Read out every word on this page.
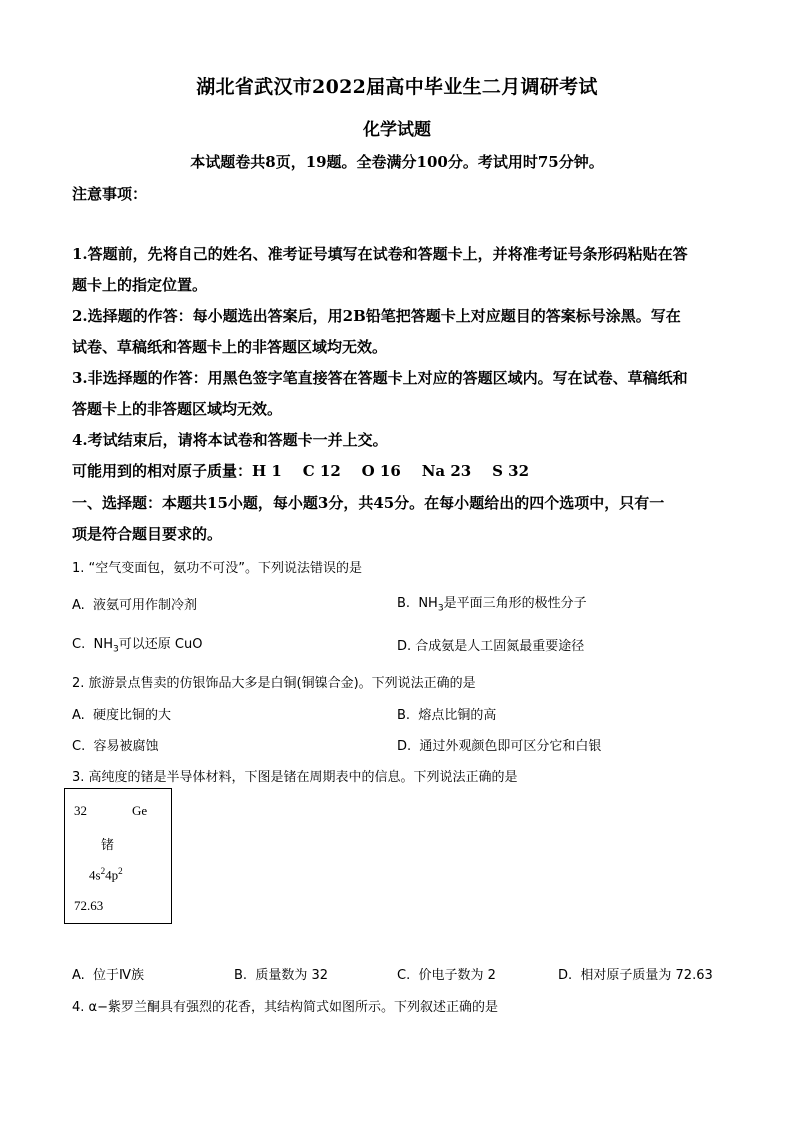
湖北省武汉市2022届高中毕业生二月调研考试
化学试题
本试题卷共8页，19题。全卷满分100分。考试用时75分钟。
注意事项：
1.答题前，先将自己的姓名、准考证号填写在试卷和答题卡上，并将准考证号条形码粘贴在答
题卡上的指定位置。
2.选择题的作答：每小题选出答案后，用2B铅笔把答题卡上对应题目的答案标号涂黑。写在
试卷、草稿纸和答题卡上的非答题区域均无效。
3.非选择题的作答：用黑色签字笔直接答在答题卡上对应的答题区域内。写在试卷、草稿纸和
答题卡上的非答题区域均无效。
4.考试结束后，请将本试卷和答题卡一并上交。
可能用到的相对原子质量：H 1    C 12    O 16    Na 23    S 32
一、选择题：本题共15小题，每小题3分，共45分。在每小题给出的四个选项中，只有一
项是符合题目要求的。
1. “空气变面包，氨功不可没”。下列说法错误的是
A.  液氨可用作制冷剂	B.  $NH_3$是平面三角形的极性分子
C.  $NH_3$可以还原 CuO	D. 合成氨是人工固氮最重要途径
2. 旅游景点售卖的仿银饰品大多是白铜(铜镍合金)。下列说法正确的是
A.  硬度比铜的大	B.  熔点比铜的高
C.  容易被腐蚀	D.  通过外观颜色即可区分它和白银
3. 高纯度的锗是半导体材料，下图是锗在周期表中的信息。下列说法正确的是
32	Ge
锗
$4s^24p^2$
72.63
A.  位于Ⅳ族	B.  质量数为 32	C.  价电子数为 2	D.  相对原子质量为 72.63
4. α−紫罗兰酮具有强烈的花香，其结构简式如图所示。下列叙述正确的是
